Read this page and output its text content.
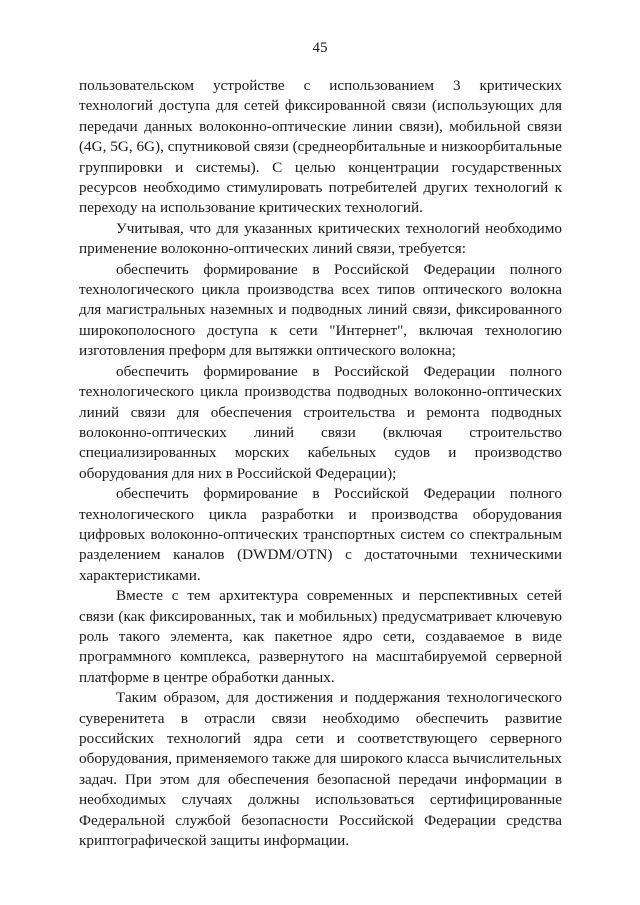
45

пользовательском устройстве с использованием 3 критических технологий доступа для сетей фиксированной связи (использующих для передачи данных волоконно-оптические линии связи), мобильной связи (4G, 5G, 6G), спутниковой связи (среднеорбитальные и низкоорбитальные группировки и системы). С целью концентрации государственных ресурсов необходимо стимулировать потребителей других технологий к переходу на использование критических технологий.

Учитывая, что для указанных критических технологий необходимо применение волоконно-оптических линий связи, требуется:

обеспечить формирование в Российской Федерации полного технологического цикла производства всех типов оптического волокна для магистральных наземных и подводных линий связи, фиксированного широкополосного доступа к сети "Интернет", включая технологию изготовления преформ для вытяжки оптического волокна;

обеспечить формирование в Российской Федерации полного технологического цикла производства подводных волоконно-оптических линий связи для обеспечения строительства и ремонта подводных волоконно-оптических линий связи (включая строительство специализированных морских кабельных судов и производство оборудования для них в Российской Федерации);

обеспечить формирование в Российской Федерации полного технологического цикла разработки и производства оборудования цифровых волоконно-оптических транспортных систем со спектральным разделением каналов (DWDM/OTN) с достаточными техническими характеристиками.

Вместе с тем архитектура современных и перспективных сетей связи (как фиксированных, так и мобильных) предусматривает ключевую роль такого элемента, как пакетное ядро сети, создаваемое в виде программного комплекса, развернутого на масштабируемой серверной платформе в центре обработки данных.

Таким образом, для достижения и поддержания технологического суверенитета в отрасли связи необходимо обеспечить развитие российских технологий ядра сети и соответствующего серверного оборудования, применяемого также для широкого класса вычислительных задач. При этом для обеспечения безопасной передачи информации в необходимых случаях должны использоваться сертифицированные Федеральной службой безопасности Российской Федерации средства криптографической защиты информации.
